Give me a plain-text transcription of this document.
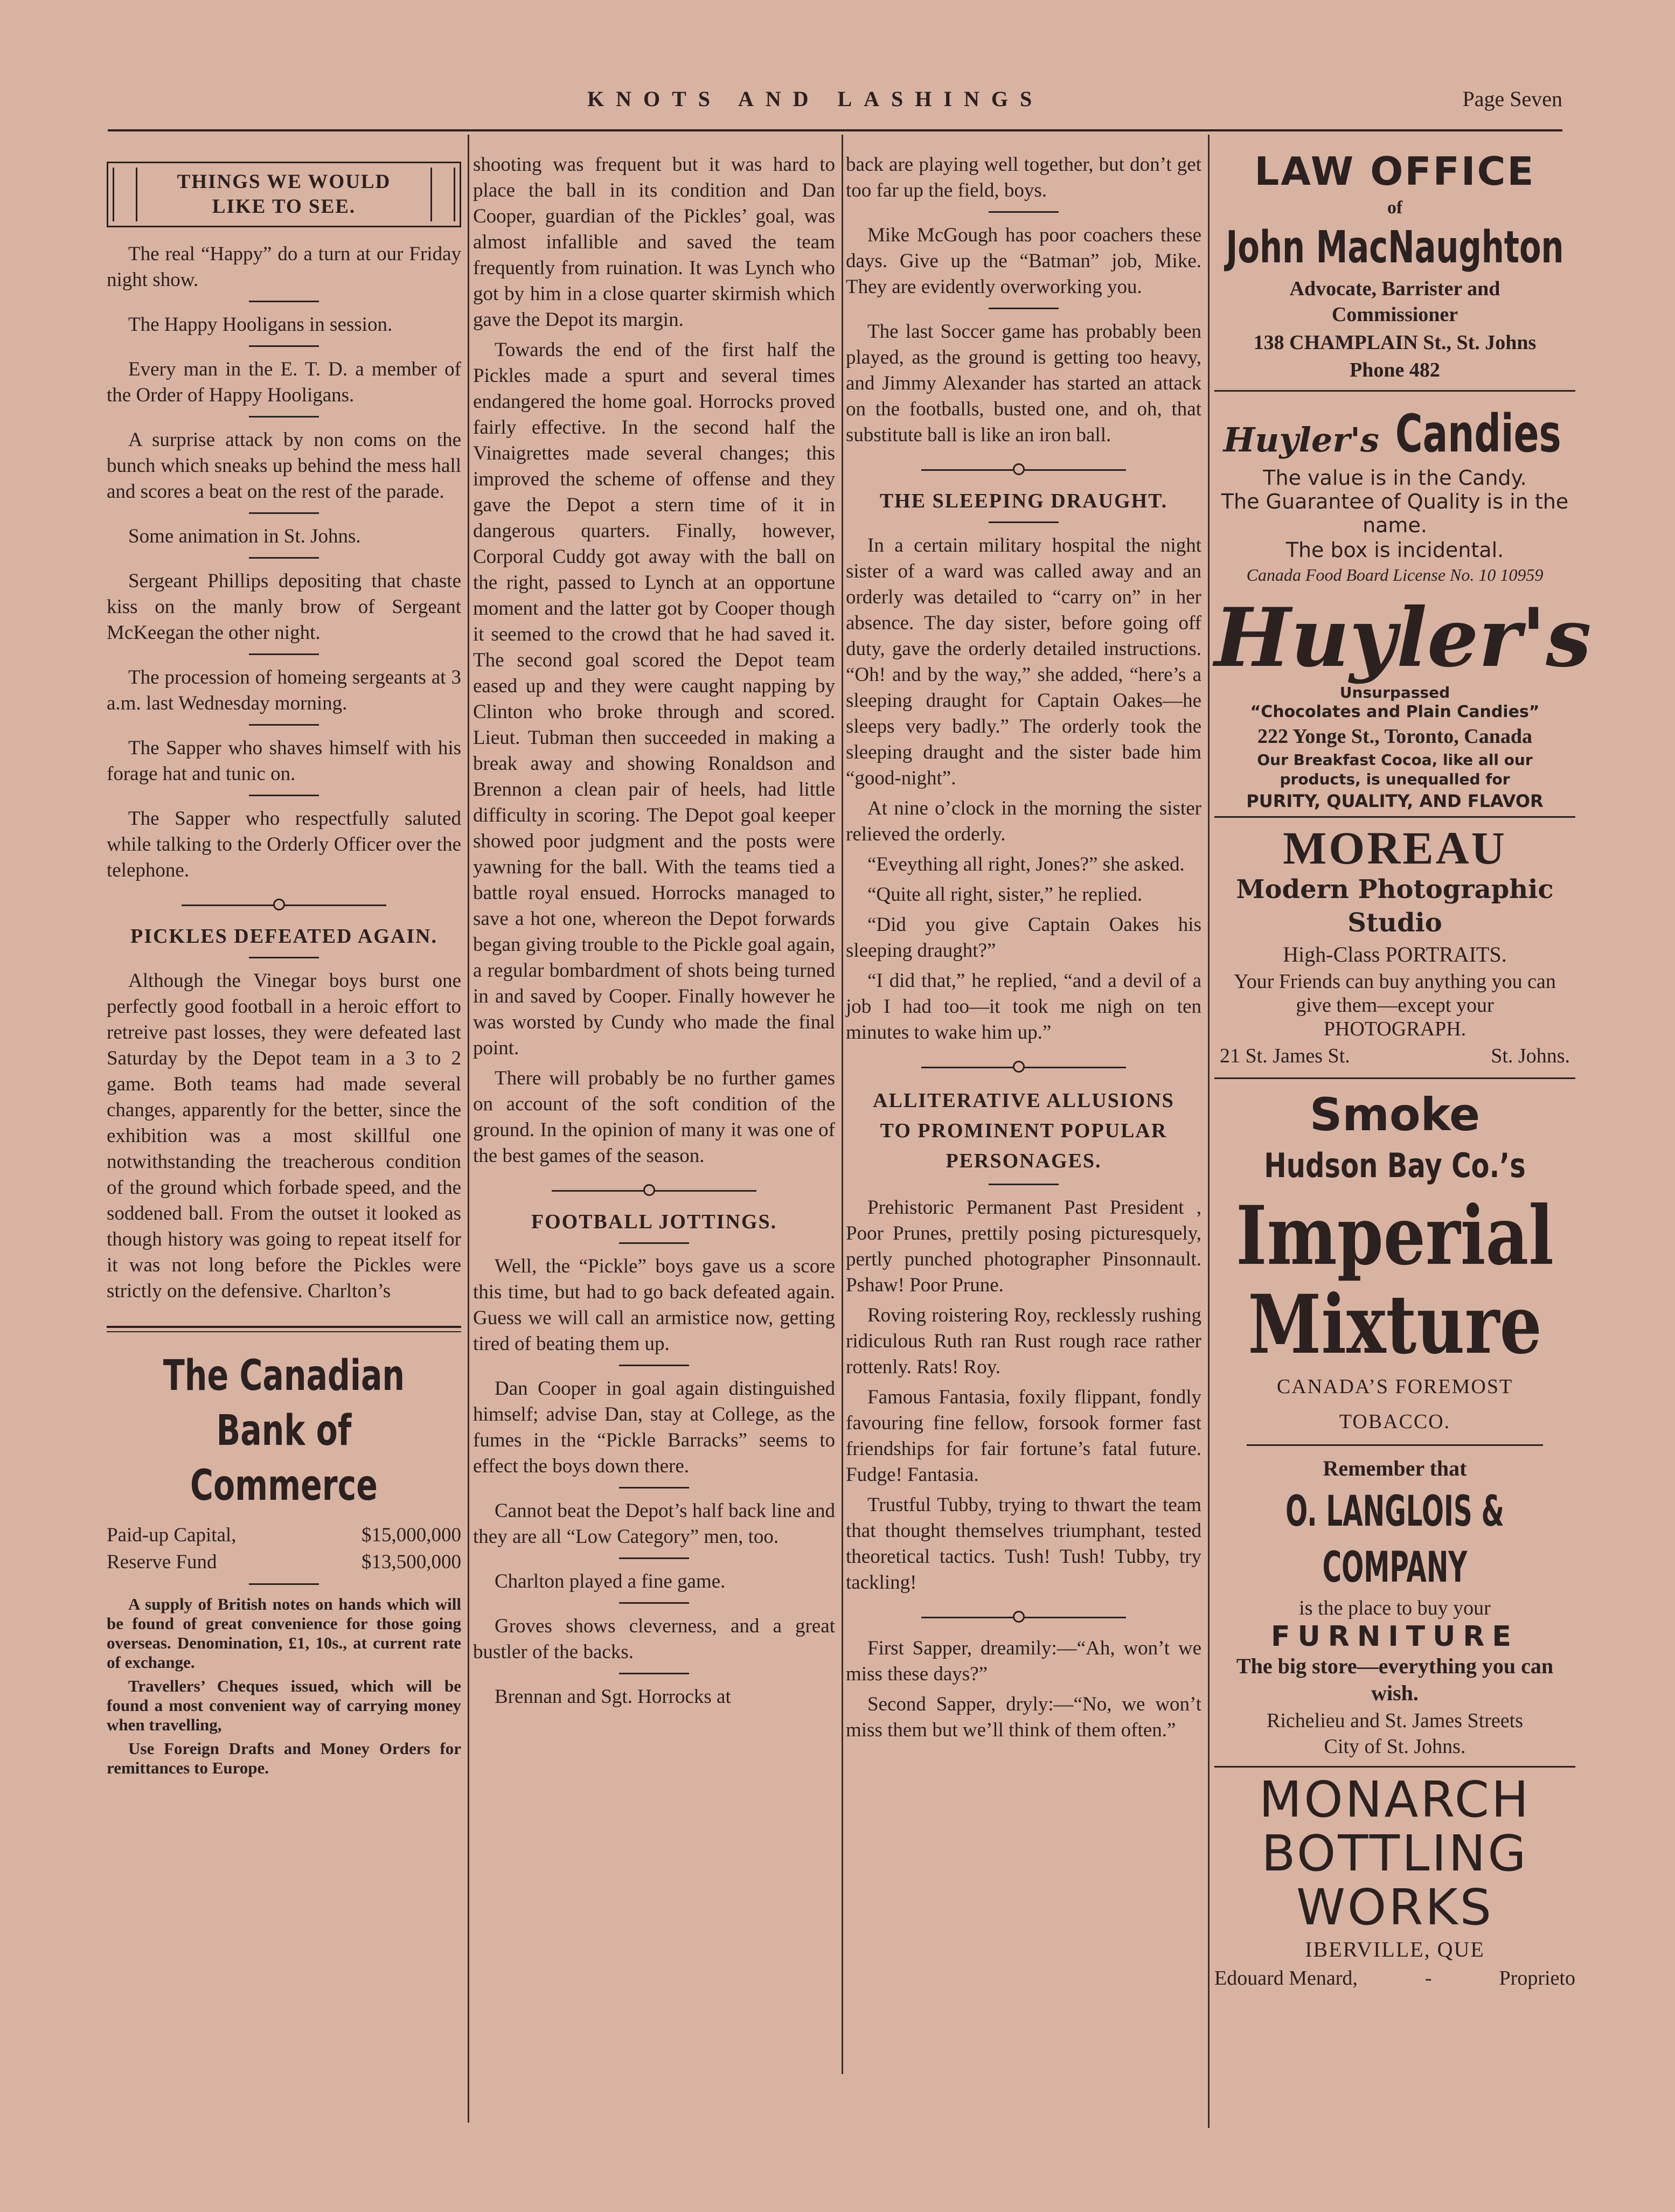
KNOTS AND LASHINGS	Page Seven
THINGS WE WOULD
LIKE TO SEE.

The real “Happy” do a turn at our Friday night show.

The Happy Hooligans in session.

Every man in the E. T. D. a member of the Order of Happy Hooligans.

A surprise attack by non coms on the bunch which sneaks up behind the mess hall and scores a beat on the rest of the parade.

Some animation in St. Johns.

Sergeant Phillips depositing that chaste kiss on the manly brow of Sergeant McKeegan the other night.

The procession of homeing sergeants at 3 a.m. last Wednesday morning.

The Sapper who shaves himself with his forage hat and tunic on.

The Sapper who respectfully saluted while talking to the Orderly Officer over the telephone.

PICKLES DEFEATED AGAIN.

Although the Vinegar boys burst one perfectly good football in a heroic effort to retreive past losses, they were defeated last Saturday by the Depot team in a 3 to 2 game. Both teams had made several changes, apparently for the better, since the exhibition was a most skillful one notwithstanding the treacherous condition of the ground which forbade speed, and the soddened ball. From the outset it looked as though history was going to repeat itself for it was not long before the Pickles were strictly on the defensive. Charlton’s

The Canadian Bank of Commerce
Paid-up Capital,	$15,000,000
Reserve Fund	$13,500,000

A supply of British notes on hands which will be found of great convenience for those going overseas. Denomination, £1, 10s., at current rate of exchange.

Travellers’ Cheques issued, which will be found a most convenient way of carrying money when travelling,

Use Foreign Drafts and Money Orders for remittances to Europe.

shooting was frequent but it was hard to place the ball in its condition and Dan Cooper, guardian of the Pickles’ goal, was almost infallible and saved the team frequently from ruination. It was Lynch who got by him in a close quarter skirmish which gave the Depot its margin.

Towards the end of the first half the Pickles made a spurt and several times endangered the home goal. Horrocks proved fairly effective. In the second half the Vinaigrettes made several changes; this improved the scheme of offense and they gave the Depot a stern time of it in dangerous quarters. Finally, however, Corporal Cuddy got away with the ball on the right, passed to Lynch at an opportune moment and the latter got by Cooper though it seemed to the crowd that he had saved it. The second goal scored the Depot team eased up and they were caught napping by Clinton who broke through and scored. Lieut. Tubman then succeeded in making a break away and showing Ronaldson and Brennon a clean pair of heels, had little difficulty in scoring. The Depot goal keeper showed poor judgment and the posts were yawning for the ball. With the teams tied a battle royal ensued. Horrocks managed to save a hot one, whereon the Depot forwards began giving trouble to the Pickle goal again, a regular bombardment of shots being turned in and saved by Cooper. Finally however he was worsted by Cundy who made the final point.

There will probably be no further games on account of the soft condition of the ground. In the opinion of many it was one of the best games of the season.

FOOTBALL JOTTINGS.

Well, the “Pickle” boys gave us a score this time, but had to go back defeated again. Guess we will call an armistice now, getting tired of beating them up.

Dan Cooper in goal again distinguished himself; advise Dan, stay at College, as the fumes in the “Pickle Barracks” seems to effect the boys down there.

Cannot beat the Depot’s half back line and they are all “Low Category” men, too.

Charlton played a fine game.

Groves shows cleverness, and a great bustler of the backs.

Brennan and Sgt. Horrocks at

back are playing well together, but don’t get too far up the field, boys.

Mike McGough has poor coachers these days. Give up the “Batman” job, Mike. They are evidently overworking you.

The last Soccer game has probably been played, as the ground is getting too heavy, and Jimmy Alexander has started an attack on the footballs, busted one, and oh, that substitute ball is like an iron ball.

THE SLEEPING DRAUGHT.

In a certain military hospital the night sister of a ward was called away and an orderly was detailed to “carry on” in her absence. The day sister, before going off duty, gave the orderly detailed instructions. “Oh! and by the way,” she added, “here’s a sleeping draught for Captain Oakes—he sleeps very badly.” The orderly took the sleeping draught and the sister bade him “good-night”.

At nine o’clock in the morning the sister relieved the orderly.

“Eveything all right, Jones?” she asked.

“Quite all right, sister,” he replied.

“Did you give Captain Oakes his sleeping draught?”

“I did that,” he replied, “and a devil of a job I had too—it took me nigh on ten minutes to wake him up.”

ALLITERATIVE ALLUSIONS
TO PROMINENT POPULAR
PERSONAGES.

Prehistoric Permanent Past President , Poor Prunes, prettily posing picturesquely, pertly punched photographer Pinsonnault. Pshaw! Poor Prune.

Roving roistering Roy, recklessly rushing ridiculous Ruth ran Rust rough race rather rottenly. Rats! Roy.

Famous Fantasia, foxily flippant, fondly favouring fine fellow, forsook former fast friendships for fair fortune’s fatal future. Fudge! Fantasia.

Trustful Tubby, trying to thwart the team that thought themselves triumphant, tested theoretical tactics. Tush! Tush! Tubby, try tackling!

First Sapper, dreamily:—“Ah, won’t we miss these days?”

Second Sapper, dryly:—“No, we won’t miss them but we’ll think of them often.”

LAW OFFICE
of
John MacNaughton
Advocate, Barrister and Commissioner
138 CHAMPLAIN St., St. Johns
Phone 482
Huyler's Candies
The value is in the Candy.
The Guarantee of Quality is in the name.
The box is incidental.
Canada Food Board License No. 10 10959
Huyler's
Unsurpassed
“Chocolates and Plain Candies”
222 Yonge St., Toronto, Canada
Our Breakfast Cocoa, like all our products, is unequalled for
PURITY, QUALITY, AND FLAVOR
MOREAU
Modern Photographic Studio
High-Class PORTRAITS.
Your Friends can buy anything you can give them—except your PHOTOGRAPH.
21 St. James St.	St. Johns.
Smoke
Hudson Bay Co.’s
Imperial
Mixture
CANADA’S FOREMOST
TOBACCO.
Remember that
O. LANGLOIS & COMPANY
is the place to buy your
FURNITURE
The big store—everything you can wish.
Richelieu and St. James Streets
City of St. Johns.
MONARCH
BOTTLING
WORKS
IBERVILLE, QUE
Edouard Menard,	-	Proprieto
